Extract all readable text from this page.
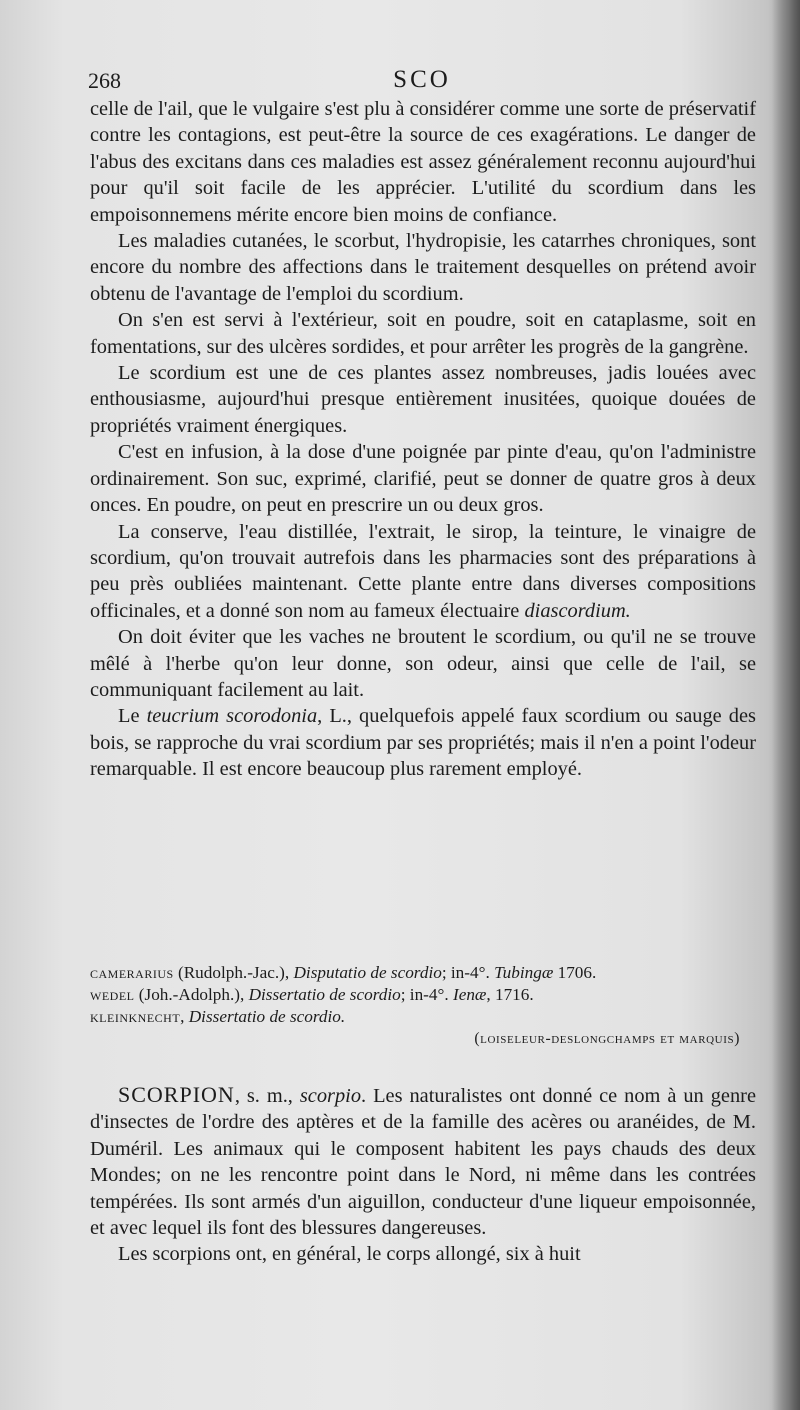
268	SCO

celle de l'ail, que le vulgaire s'est plu à considérer comme une sorte de préservatif contre les contagions, est peut-être la source de ces exagérations. Le danger de l'abus des excitans dans ces maladies est assez généralement reconnu aujourd'hui pour qu'il soit facile de les apprécier. L'utilité du scordium dans les empoisonnemens mérite encore bien moins de confiance.

Les maladies cutanées, le scorbut, l'hydropisie, les catarrhes chroniques, sont encore du nombre des affections dans le traitement desquelles on prétend avoir obtenu de l'avantage de l'emploi du scordium.

On s'en est servi à l'extérieur, soit en poudre, soit en cataplasme, soit en fomentations, sur des ulcères sordides, et pour arrêter les progrès de la gangrène.

Le scordium est une de ces plantes assez nombreuses, jadis louées avec enthousiasme, aujourd'hui presque entièrement inusitées, quoique douées de propriétés vraiment énergiques.

C'est en infusion, à la dose d'une poignée par pinte d'eau, qu'on l'administre ordinairement. Son suc, exprimé, clarifié, peut se donner de quatre gros à deux onces. En poudre, on peut en prescrire un ou deux gros.

La conserve, l'eau distillée, l'extrait, le sirop, la teinture, le vinaigre de scordium, qu'on trouvait autrefois dans les pharmacies sont des préparations à peu près oubliées maintenant. Cette plante entre dans diverses compositions officinales, et a donné son nom au fameux électuaire diascordium.

On doit éviter que les vaches ne broutent le scordium, ou qu'il ne se trouve mêlé à l'herbe qu'on leur donne, son odeur, ainsi que celle de l'ail, se communiquant facilement au lait.

Le teucrium scorodonia, L., quelquefois appelé faux scordium ou sauge des bois, se rapproche du vrai scordium par ses propriétés; mais il n'en a point l'odeur remarquable. Il est encore beaucoup plus rarement employé.

camerarius (Rudolph.-Jac.), Disputatio de scordio; in-4°. Tubingæ 1706.

wedel (Joh.-Adolph.), Dissertatio de scordio; in-4°. Ienæ, 1716.

kleinknecht, Dissertatio de scordio.

(loiseleur-deslongchamps et marquis)

SCORPION, s. m., scorpio. Les naturalistes ont donné ce nom à un genre d'insectes de l'ordre des aptères et de la famille des acères ou aranéides, de M. Duméril. Les animaux qui le composent habitent les pays chauds des deux Mondes; on ne les rencontre point dans le Nord, ni même dans les contrées tempérées. Ils sont armés d'un aiguillon, conducteur d'une liqueur empoisonnée, et avec lequel ils font des blessures dangereuses.

Les scorpions ont, en général, le corps allongé, six à huit
